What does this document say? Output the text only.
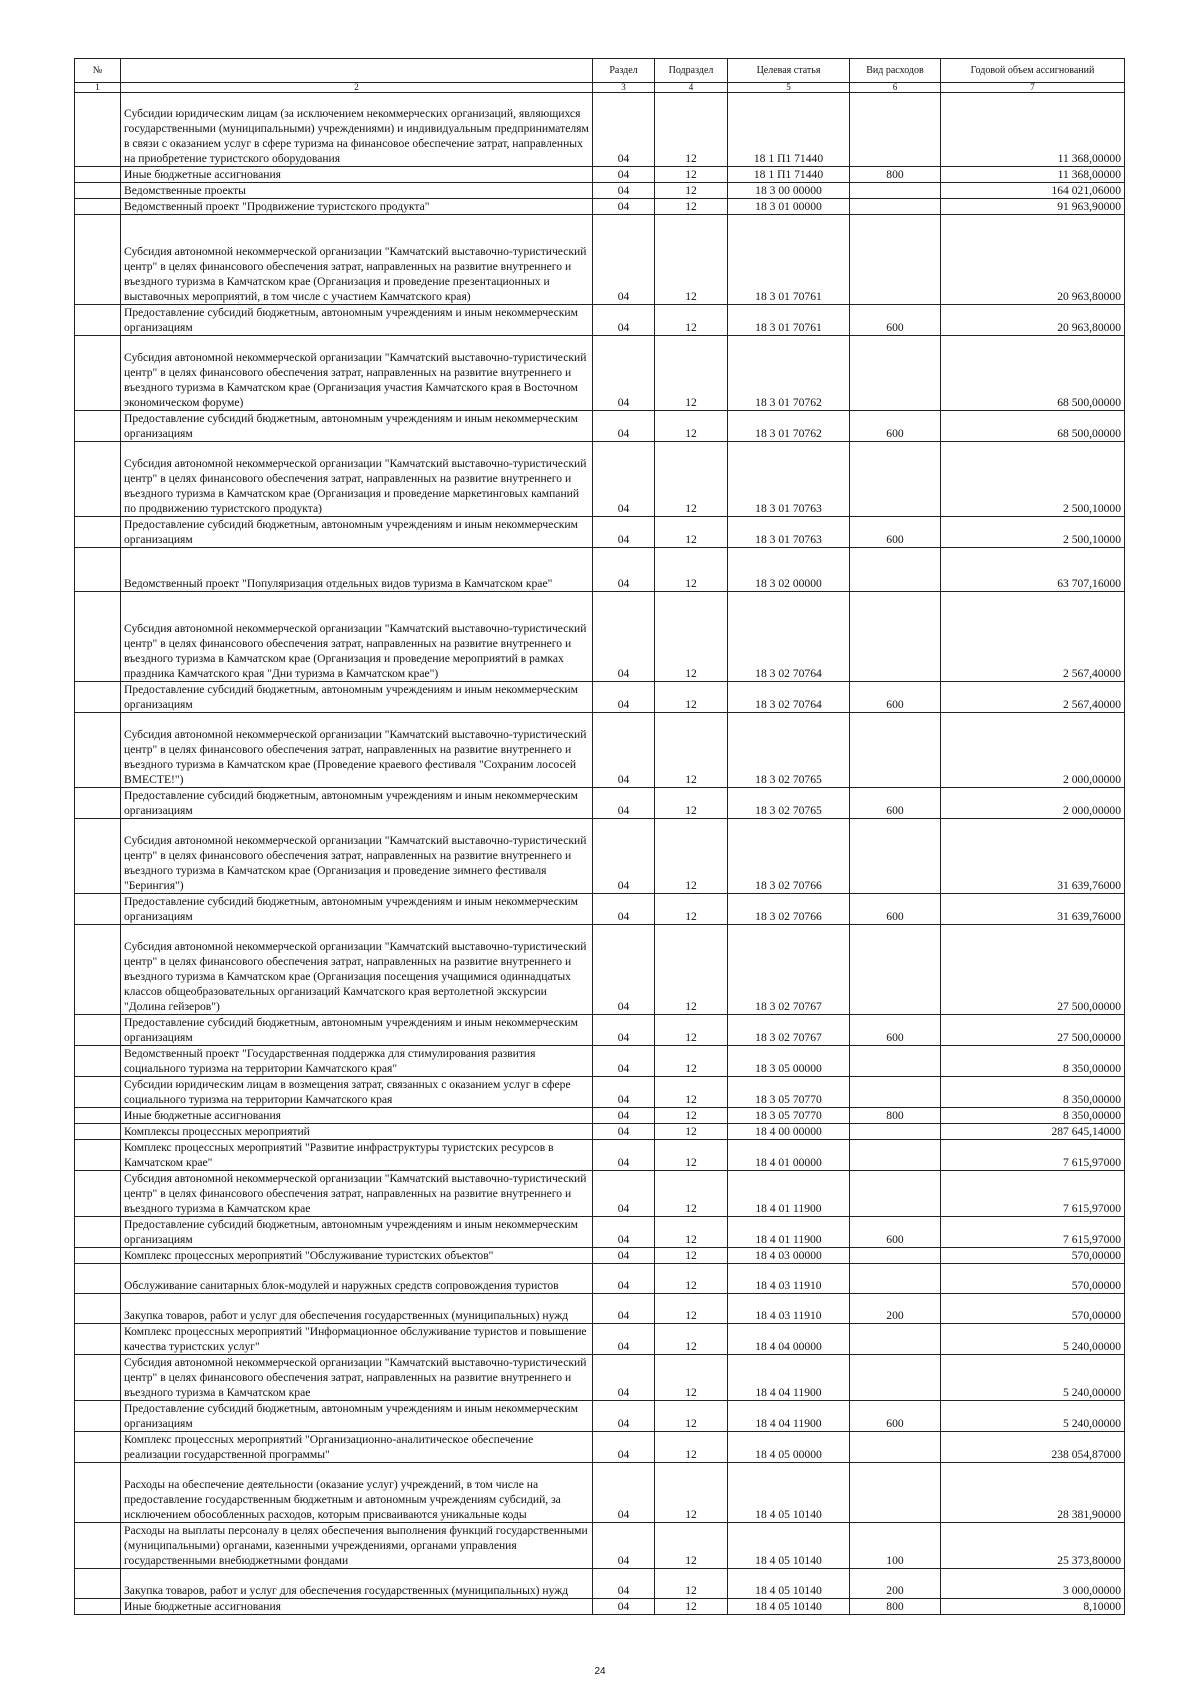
№		Раздел	Подраздел	Целевая статья	Вид расходов	Годовой объем ассигнований
1	2	3	4	5	6	7
	Субсидии юридическим лицам (за исключением некоммерческих организаций, являющихся государственными (муниципальными) учреждениями) и индивидуальным предпринимателям в связи с оказанием услуг в сфере туризма на финансовое обеспечение затрат, направленных на приобретение туристского оборудования	04	12	18 1 П1 71440		11 368,00000
	Иные бюджетные ассигнования	04	12	18 1 П1 71440	800	11 368,00000
	Ведомственные проекты	04	12	18 3 00 00000		164 021,06000
	Ведомственный проект "Продвижение туристского продукта"	04	12	18 3 01 00000		91 963,90000
	Субсидия автономной некоммерческой организации "Камчатский выставочно-туристический центр" в целях финансового обеспечения затрат, направленных на развитие внутреннего и въездного туризма в Камчатском крае (Организация и проведение презентационных и выставочных мероприятий, в том числе с участием Камчатского края)	04	12	18 3 01 70761		20 963,80000
	Предоставление субсидий бюджетным, автономным учреждениям и иным некоммерческим организациям	04	12	18 3 01 70761	600	20 963,80000
	Субсидия автономной некоммерческой организации "Камчатский выставочно-туристический центр" в целях финансового обеспечения затрат, направленных на развитие внутреннего и въездного туризма в Камчатском крае (Организация участия Камчатского края в Восточном экономическом форуме)	04	12	18 3 01 70762		68 500,00000
	Предоставление субсидий бюджетным, автономным учреждениям и иным некоммерческим организациям	04	12	18 3 01 70762	600	68 500,00000
	Субсидия автономной некоммерческой организации "Камчатский выставочно-туристический центр" в целях финансового обеспечения затрат, направленных на развитие внутреннего и въездного туризма в Камчатском крае (Организация и проведение маркетинговых кампаний по продвижению туристского продукта)	04	12	18 3 01 70763		2 500,10000
	Предоставление субсидий бюджетным, автономным учреждениям и иным некоммерческим организациям	04	12	18 3 01 70763	600	2 500,10000
	Ведомственный проект "Популяризация отдельных видов туризма в Камчатском крае"	04	12	18 3 02 00000		63 707,16000
	Субсидия автономной некоммерческой организации "Камчатский выставочно-туристический центр" в целях финансового обеспечения затрат, направленных на развитие внутреннего и въездного туризма в Камчатском крае (Организация и проведение мероприятий в рамках праздника Камчатского края "Дни туризма в Камчатском крае")	04	12	18 3 02 70764		2 567,40000
	Предоставление субсидий бюджетным, автономным учреждениям и иным некоммерческим организациям	04	12	18 3 02 70764	600	2 567,40000
	Субсидия автономной некоммерческой организации "Камчатский выставочно-туристический центр" в целях финансового обеспечения затрат, направленных на развитие внутреннего и въездного туризма в Камчатском крае (Проведение краевого фестиваля "Сохраним лососей ВМЕСТЕ!")	04	12	18 3 02 70765		2 000,00000
	Предоставление субсидий бюджетным, автономным учреждениям и иным некоммерческим организациям	04	12	18 3 02 70765	600	2 000,00000
	Субсидия автономной некоммерческой организации "Камчатский выставочно-туристический центр" в целях финансового обеспечения затрат, направленных на развитие внутреннего и въездного туризма в Камчатском крае (Организация и проведение зимнего фестиваля "Берингия")	04	12	18 3 02 70766		31 639,76000
	Предоставление субсидий бюджетным, автономным учреждениям и иным некоммерческим организациям	04	12	18 3 02 70766	600	31 639,76000
	Субсидия автономной некоммерческой организации "Камчатский выставочно-туристический центр" в целях финансового обеспечения затрат, направленных на развитие внутреннего и въездного туризма в Камчатском крае (Организация посещения учащимися одиннадцатых классов общеобразовательных организаций Камчатского края вертолетной экскурсии "Долина гейзеров")	04	12	18 3 02 70767		27 500,00000
	Предоставление субсидий бюджетным, автономным учреждениям и иным некоммерческим организациям	04	12	18 3 02 70767	600	27 500,00000
	Ведомственный проект "Государственная поддержка для стимулирования развития социального туризма на территории Камчатского края"	04	12	18 3 05 00000		8 350,00000
	Субсидии юридическим лицам в возмещения затрат, связанных с оказанием услуг в сфере социального туризма на территории Камчатского края	04	12	18 3 05 70770		8 350,00000
	Иные бюджетные ассигнования	04	12	18 3 05 70770	800	8 350,00000
	Комплексы процессных мероприятий	04	12	18 4 00 00000		287 645,14000
	Комплекс процессных мероприятий "Развитие инфраструктуры туристских ресурсов в Камчатском крае"	04	12	18 4 01 00000		7 615,97000
	Субсидия автономной некоммерческой организации "Камчатский выставочно-туристический центр" в целях финансового обеспечения затрат, направленных на развитие внутреннего и въездного туризма в Камчатском крае	04	12	18 4 01 11900		7 615,97000
	Предоставление субсидий бюджетным, автономным учреждениям и иным некоммерческим организациям	04	12	18 4 01 11900	600	7 615,97000
	Комплекс процессных мероприятий "Обслуживание туристских объектов"	04	12	18 4 03 00000		570,00000
	Обслуживание санитарных блок-модулей и наружных средств сопровождения туристов	04	12	18 4 03 11910		570,00000
	Закупка товаров, работ и услуг для обеспечения государственных (муниципальных) нужд	04	12	18 4 03 11910	200	570,00000
	Комплекс процессных мероприятий "Информационное обслуживание туристов и повышение качества туристских услуг"	04	12	18 4 04 00000		5 240,00000
	Субсидия автономной некоммерческой организации "Камчатский выставочно-туристический центр" в целях финансового обеспечения затрат, направленных на развитие внутреннего и въездного туризма в Камчатском крае	04	12	18 4 04 11900		5 240,00000
	Предоставление субсидий бюджетным, автономным учреждениям и иным некоммерческим организациям	04	12	18 4 04 11900	600	5 240,00000
	Комплекс процессных мероприятий "Организационно-аналитическое обеспечение реализации государственной программы"	04	12	18 4 05 00000		238 054,87000
	Расходы на обеспечение деятельности (оказание услуг) учреждений, в том числе на предоставление государственным бюджетным и автономным учреждениям субсидий, за исключением обособленных расходов, которым присваиваются уникальные коды	04	12	18 4 05 10140		28 381,90000
	Расходы на выплаты персоналу в целях обеспечения выполнения функций государственными (муниципальными) органами, казенными учреждениями, органами управления государственными внебюджетными фондами	04	12	18 4 05 10140	100	25 373,80000
	Закупка товаров, работ и услуг для обеспечения государственных (муниципальных) нужд	04	12	18 4 05 10140	200	3 000,00000
	Иные бюджетные ассигнования	04	12	18 4 05 10140	800	8,10000
24
